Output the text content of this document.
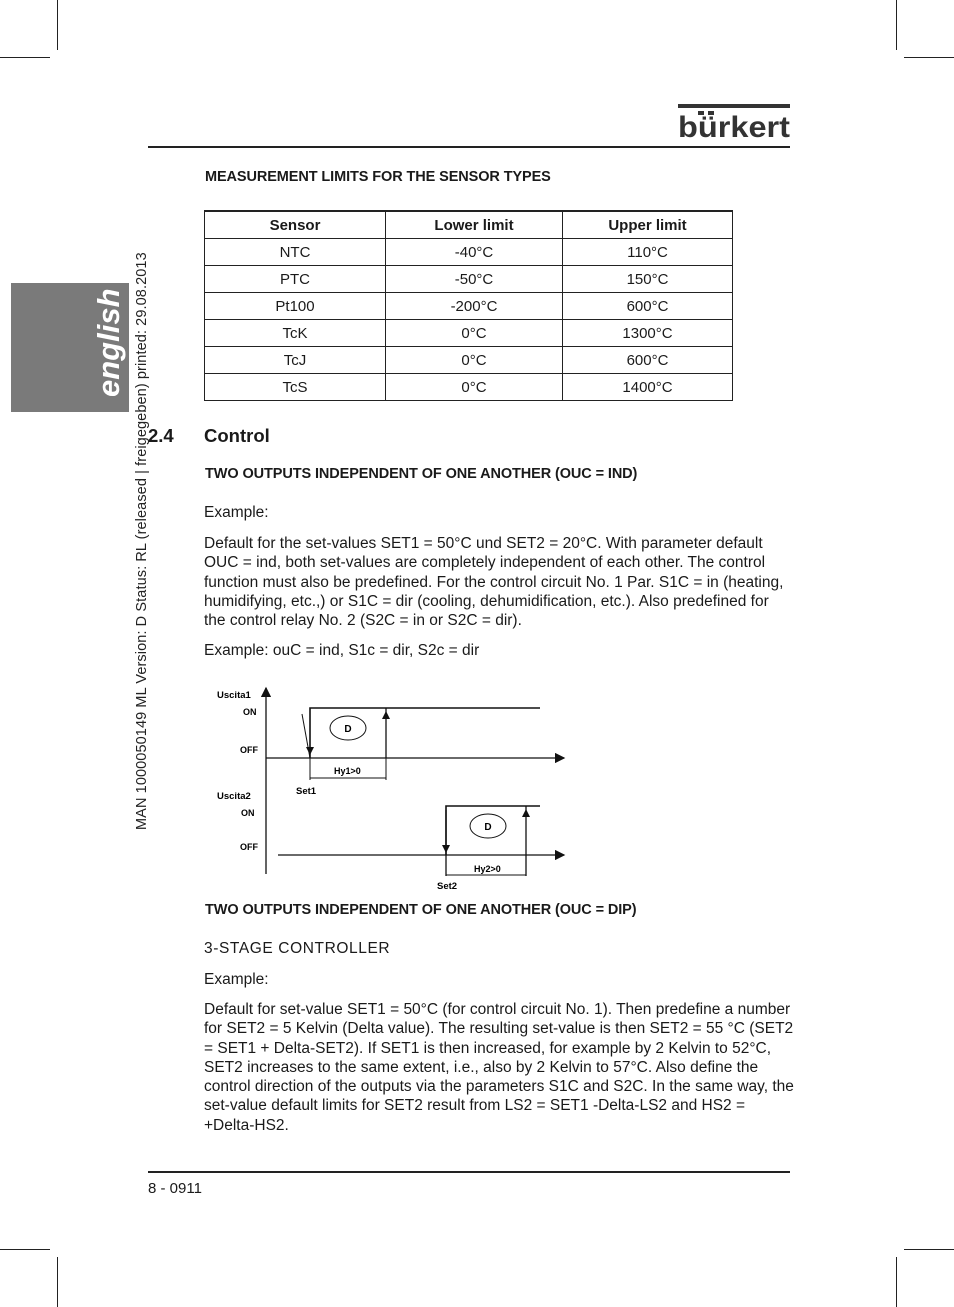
bürkert
MAN 1000050149 ML Version: D Status: RL (released | freigegeben) printed: 29.08.2013
english
MEASUREMENT LIMITS FOR THE SENSOR TYPES
Sensor	Lower limit	Upper limit
NTC	-40°C	110°C
PTC	-50°C	150°C
Pt100	-200°C	600°C
TcK	0°C	1300°C
TcJ	0°C	600°C
TcS	0°C	1400°C
2.4 Control
TWO OUTPUTS INDEPENDENT OF ONE ANOTHER (OUC = IND)
Example:
Default for the set-values SET1 = 50°C und SET2 = 20°C. With parameter default OUC = ind, both set-values are completely independent of each other. The control function must also be predefined. For the control circuit No. 1 Par. S1C = in (heating, humidifying, etc.,) or S1C = dir (cooling, dehumidification, etc.). Also predefined for the control relay No. 2 (S2C = in or S2C = dir).
Example: ouC = ind, S1c = dir, S2c = dir
D
D
Uscita1
ON
OFF
Hy1>0
Set1
Uscita2
ON
OFF
Hy2>0
Set2
TWO OUTPUTS INDEPENDENT OF ONE ANOTHER (OUC = DIP)
3-STAGE CONTROLLER
Example:
Default for set-value SET1 = 50°C (for control circuit No. 1). Then predefine a number for SET2 = 5 Kelvin (Delta value). The resulting set-value is then SET2 = 55 °C (SET2 = SET1 + Delta-SET2). If SET1 is then increased, for example by 2 Kelvin to 52°C, SET2 increases to the same extent, i.e., also by 2 Kelvin to 57°C. Also define the control direction of the outputs via the parameters S1C and S2C. In the same way, the set-value default limits for SET2 result from LS2 = SET1 -Delta-LS2 and HS2 = +Delta-HS2.
8 - 0911
